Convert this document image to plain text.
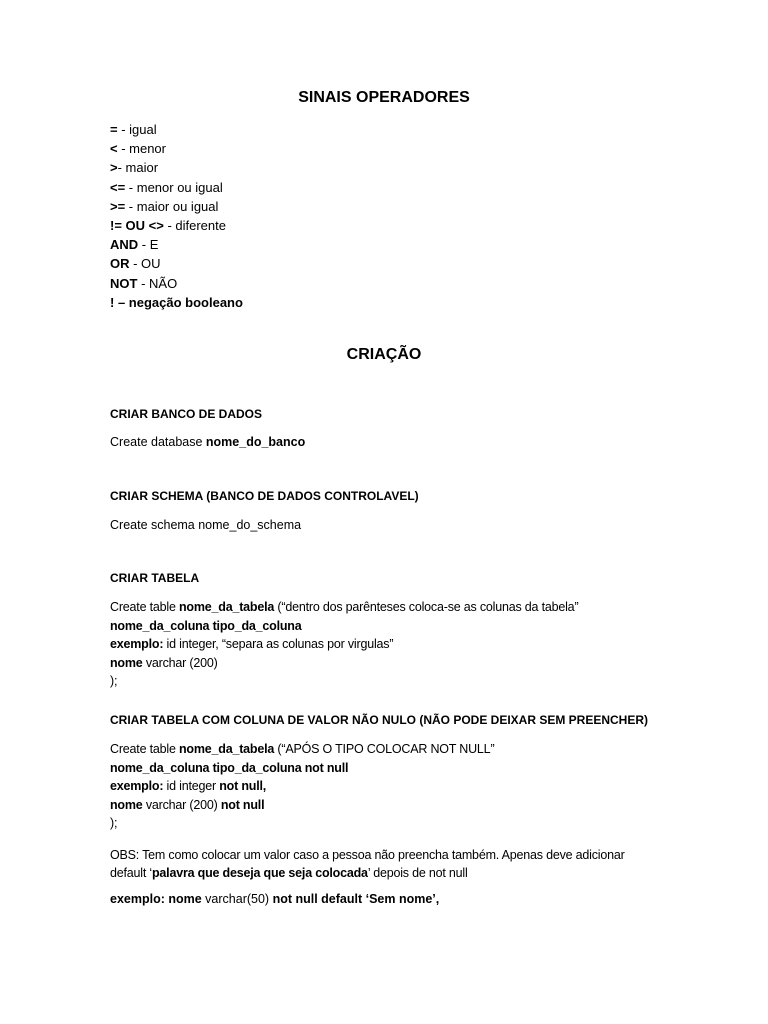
SINAIS OPERADORES
= - igual
< - menor
>- maior
<= - menor ou igual
>= - maior ou igual
!= OU <> - diferente
AND - E
OR - OU
NOT - NÃO
! – negação booleano
CRIAÇÃO
CRIAR BANCO DE DADOS
Create database nome_do_banco
CRIAR SCHEMA (BANCO DE DADOS CONTROLAVEL)
Create schema nome_do_schema
CRIAR TABELA
Create table nome_da_tabela (“dentro dos parênteses coloca-se as colunas da tabela”
nome_da_coluna tipo_da_coluna
exemplo: id integer, “separa as colunas por virgulas”
nome varchar (200)
);
CRIAR TABELA COM COLUNA DE VALOR NÃO NULO (NÃO PODE DEIXAR SEM PREENCHER)
Create table nome_da_tabela (“APÓS O TIPO COLOCAR NOT NULL”
nome_da_coluna tipo_da_coluna not null
exemplo: id integer not null,
nome varchar (200) not null
);
OBS: Tem como colocar um valor caso a pessoa não preencha também. Apenas deve adicionar
default ‘palavra que deseja que seja colocada’ depois de not null
exemplo: nome varchar(50) not null default ‘Sem nome’,
